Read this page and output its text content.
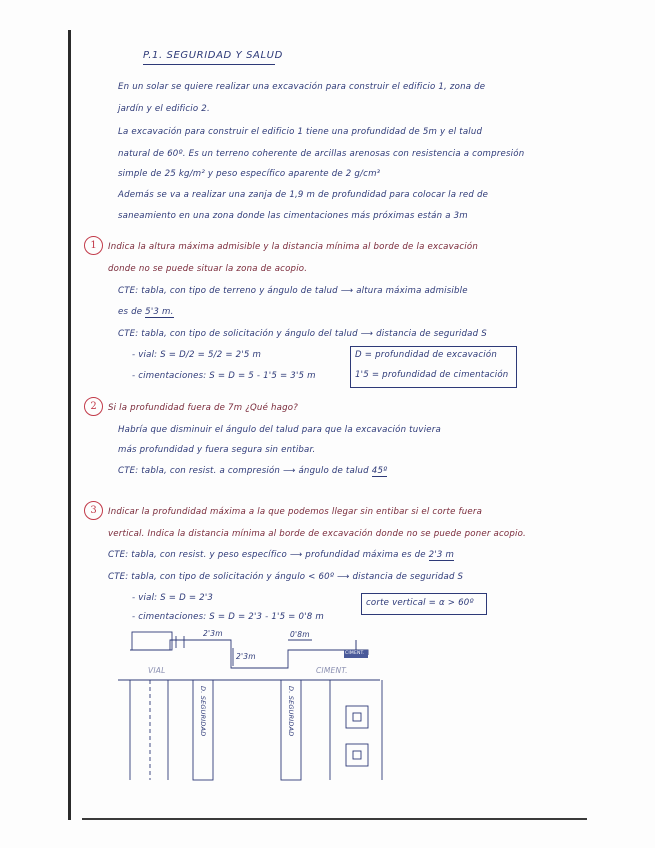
P.1. SEGURIDAD Y SALUD
En un solar se quiere realizar una excavación para construir el edificio 1, zona de
jardín y el edificio 2.
La excavación para construir el edificio 1 tiene una profundidad de 5m y el talud
natural de 60º. Es un terreno coherente de arcillas arenosas con resistencia a compresión
simple de 25 kg/m² y peso específico aparente de 2 g/cm³
Además se va a realizar una zanja de 1,9 m de profundidad para colocar la red de
saneamiento en una zona donde las cimentaciones más próximas están a 3m
1	Indica la altura máxima admisible y la distancia mínima al borde de la excavación
donde no se puede situar la zona de acopio.
CTE: tabla, con tipo de terreno y ángulo de talud ⟶ altura máxima admisible
es de 5'3 m.
CTE: tabla, con tipo de solicitación y ángulo del talud ⟶ distancia de seguridad S
- vial: S = D/2 = 5/2 = 2'5 m
- cimentaciones: S = D = 5 - 1'5 = 3'5 m
D = profundidad de excavación
1'5 = profundidad de cimentación
2	Si la profundidad fuera de 7m ¿Qué hago?
Habría que disminuir el ángulo del talud para que la excavación tuviera
más profundidad y fuera segura sin entibar.
CTE: tabla, con resist. a compresión ⟶ ángulo de talud 45º
3	Indicar la profundidad máxima a la que podemos llegar sin entibar si el corte fuera
vertical. Indica la distancia mínima al borde de excavación donde no se puede poner acopio.
CTE: tabla, con resist. y peso específico ⟶ profundidad máxima es de 2'3 m
CTE: tabla, con tipo de solicitación y ángulo < 60º ⟶ distancia de seguridad S
- vial: S = D = 2'3
- cimentaciones: S = D = 2'3 - 1'5 = 0'8 m
corte vertical = α > 60º
2'3m	0'8m
2'3m
VIAL	CIMENT.
CIMENT.
D. SEGURIDAD	D. SEGURIDAD
